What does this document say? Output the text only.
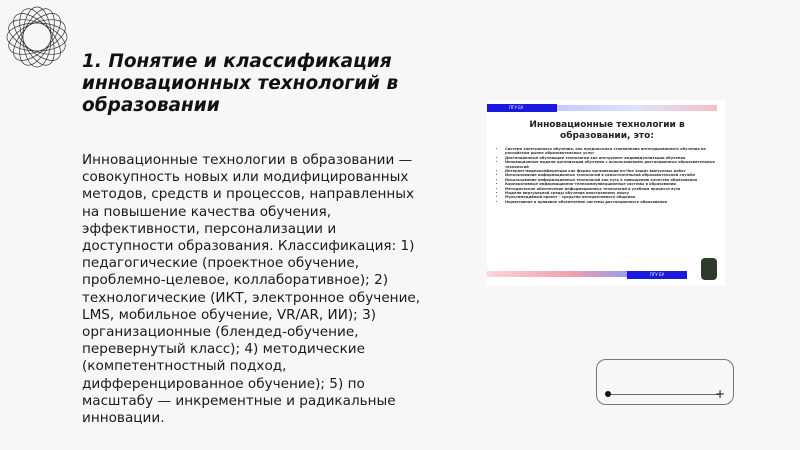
1. Понятие и классификация инновационных технологий в образовании

Инновационные технологии в образовании — совокупность новых или модифицированных методов, средств и процессов, направленных на повышение качества обучения, эффективности, персонализации и доступности образования. Классификация: 1) педагогические (проектное обучение, проблемно-целевое, коллаборативное); 2) технологические (ИКТ, электронное обучение, LMS, мобильное обучение, VR/AR, ИИ); 3) организационные (блендед-обучение, перевернутый класс); 4) методические (компетентностный подход, дифференцированное обучение); 5) по масштабу — инкрементные и радикальные инновации.

ПГУ БУ
Инновационные технологии в образовании, это:
• Система электронного обучения, как предпосылка становления интегрированного обучения на российском рынке образовательных услуг
• Дистанционные обучающие технологии как инструмент индивидуализации обучения
• Инновационные модели организации обучения с использованием дистанционных образовательных технологий
• Интернет-видеоконференция как форма организации on-line защит выпускных работ
• Использование информационных технологий в самостоятельной образовательной службе
• Использование информационных технологий как путь к повышению качества образования
• Корпоративные информационно-телекоммуникационные системы в образовании
• Методическое обеспечение информационных технологий в учебном процессе вуза
• Модели виртуальной среды обучения иностранному языку
• Мультимедийный проект - средство интерактивного общения
• Нормативное и правовое обеспечение системы дистанционного образования
ПГУ БУ
+
